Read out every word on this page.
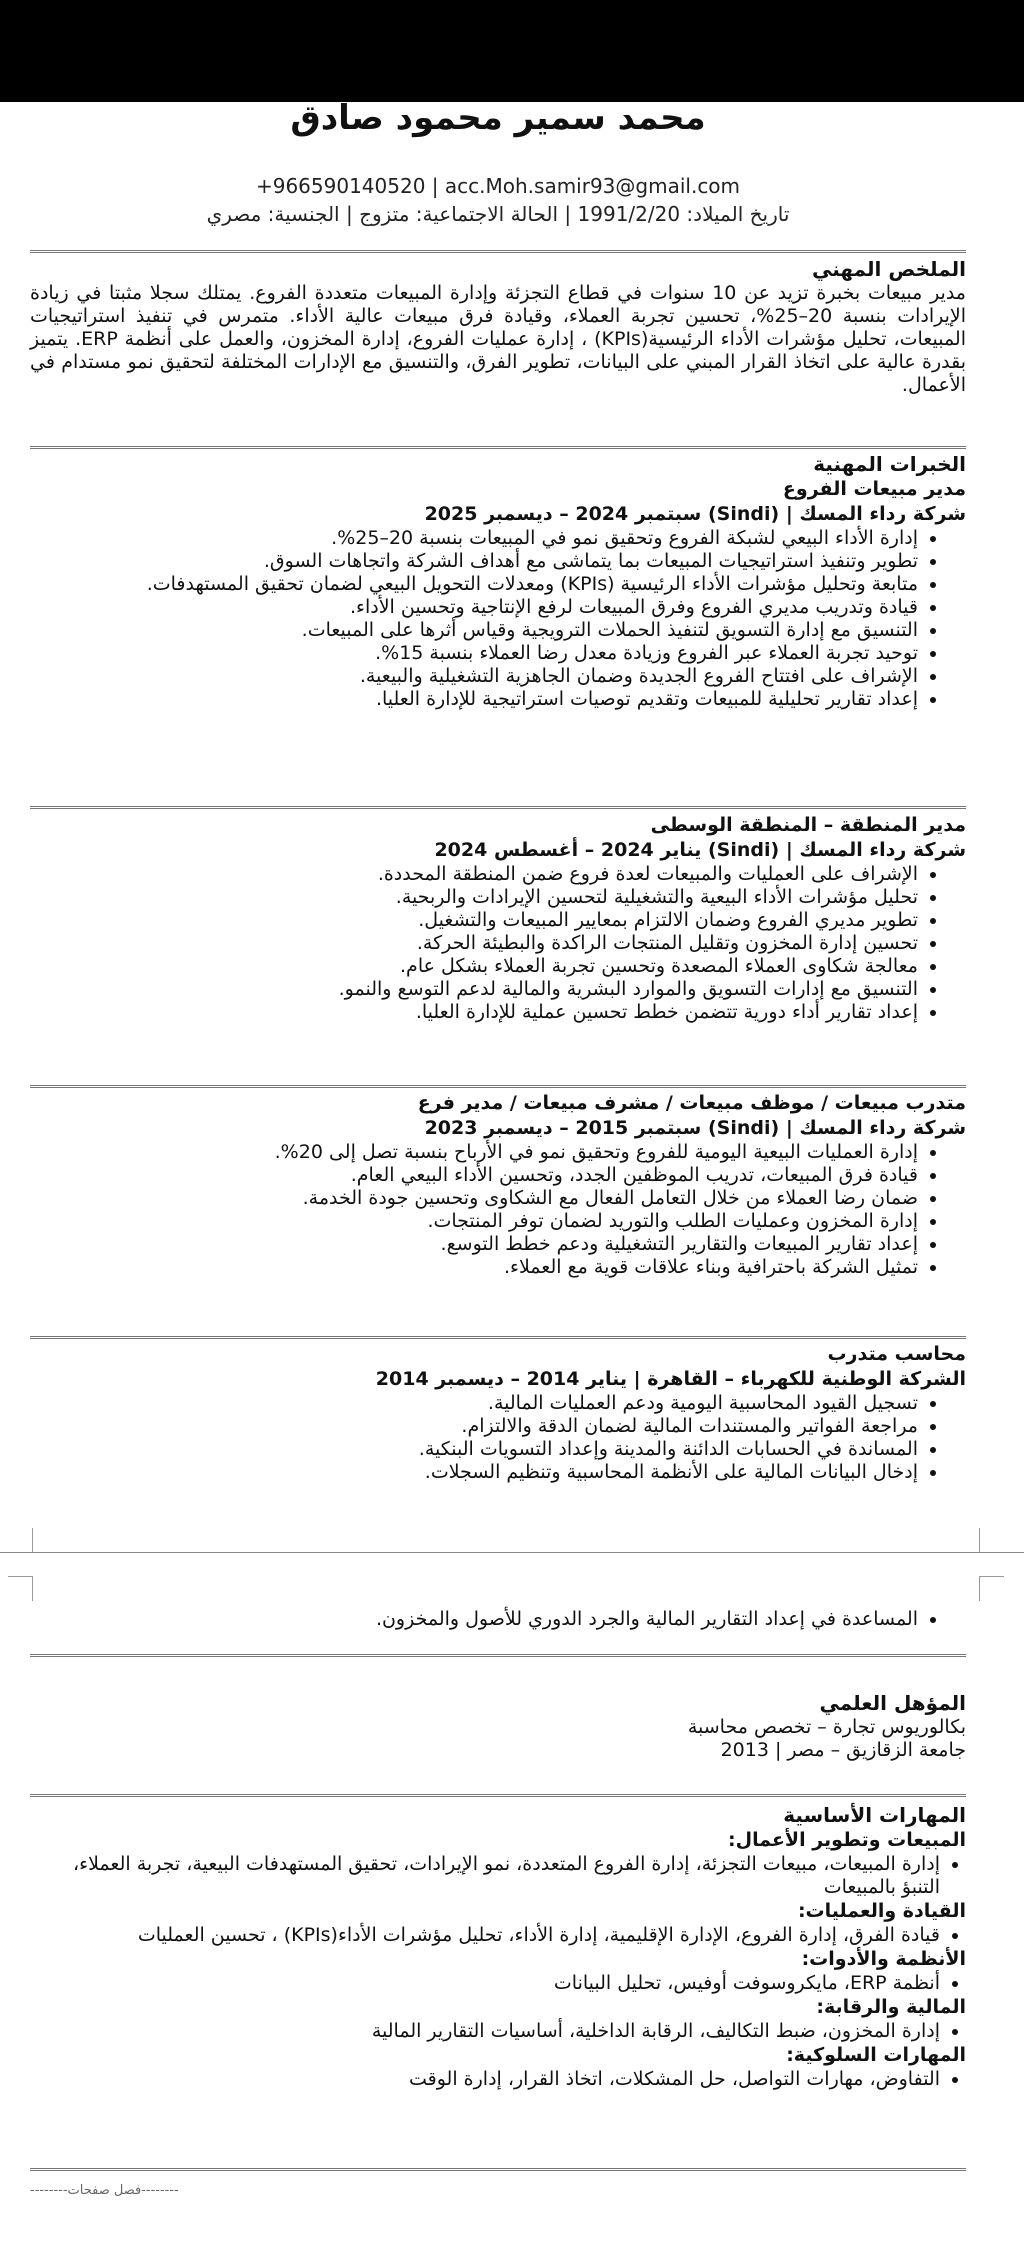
محمد سمير محمود صادق
acc.Moh.samir93@gmail.com | +966590140520
تاريخ الميلاد: 1991/2/20 | الحالة الاجتماعية: متزوج | الجنسية: مصري
الملخص المهني
مدير مبيعات بخبرة تزيد عن 10 سنوات في قطاع التجزئة وإدارة المبيعات متعددة الفروع. يمتلك سجلا مثبتا في زيادة الإيرادات بنسبة 20–25%، تحسين تجربة العملاء، وقيادة فرق مبيعات عالية الأداء. متمرس في تنفيذ استراتيجيات المبيعات، تحليل مؤشرات الأداء الرئيسية(KPIs) ، إدارة عمليات الفروع، إدارة المخزون، والعمل على أنظمة ERP. يتميز بقدرة عالية على اتخاذ القرار المبني على البيانات، تطوير الفرق، والتنسيق مع الإدارات المختلفة لتحقيق نمو مستدام في الأعمال.
الخبرات المهنية
مدير مبيعات الفروع
شركة رداء المسك | (Sindi) سبتمبر 2024 – ديسمبر 2025
• إدارة الأداء البيعي لشبكة الفروع وتحقيق نمو في المبيعات بنسبة 20–25%.
• تطوير وتنفيذ استراتيجيات المبيعات بما يتماشى مع أهداف الشركة واتجاهات السوق.
• متابعة وتحليل مؤشرات الأداء الرئيسية (KPIs) ومعدلات التحويل البيعي لضمان تحقيق المستهدفات.
• قيادة وتدريب مديري الفروع وفرق المبيعات لرفع الإنتاجية وتحسين الأداء.
• التنسيق مع إدارة التسويق لتنفيذ الحملات الترويجية وقياس أثرها على المبيعات.
• توحيد تجربة العملاء عبر الفروع وزيادة معدل رضا العملاء بنسبة 15%.
• الإشراف على افتتاح الفروع الجديدة وضمان الجاهزية التشغيلية والبيعية.
• إعداد تقارير تحليلية للمبيعات وتقديم توصيات استراتيجية للإدارة العليا.
مدير المنطقة – المنطقة الوسطى
شركة رداء المسك | (Sindi) يناير 2024 – أغسطس 2024
• الإشراف على العمليات والمبيعات لعدة فروع ضمن المنطقة المحددة.
• تحليل مؤشرات الأداء البيعية والتشغيلية لتحسين الإيرادات والربحية.
• تطوير مديري الفروع وضمان الالتزام بمعايير المبيعات والتشغيل.
• تحسين إدارة المخزون وتقليل المنتجات الراكدة والبطيئة الحركة.
• معالجة شكاوى العملاء المصعدة وتحسين تجربة العملاء بشكل عام.
• التنسيق مع إدارات التسويق والموارد البشرية والمالية لدعم التوسع والنمو.
• إعداد تقارير أداء دورية تتضمن خطط تحسين عملية للإدارة العليا.
متدرب مبيعات / موظف مبيعات / مشرف مبيعات / مدير فرع
شركة رداء المسك | (Sindi) سبتمبر 2015 – ديسمبر 2023
• إدارة العمليات البيعية اليومية للفروع وتحقيق نمو في الأرباح بنسبة تصل إلى 20%.
• قيادة فرق المبيعات، تدريب الموظفين الجدد، وتحسين الأداء البيعي العام.
• ضمان رضا العملاء من خلال التعامل الفعال مع الشكاوى وتحسين جودة الخدمة.
• إدارة المخزون وعمليات الطلب والتوريد لضمان توفر المنتجات.
• إعداد تقارير المبيعات والتقارير التشغيلية ودعم خطط التوسع.
• تمثيل الشركة باحترافية وبناء علاقات قوية مع العملاء.
محاسب متدرب
الشركة الوطنية للكهرباء – القاهرة | يناير 2014 – ديسمبر 2014
• تسجيل القيود المحاسبية اليومية ودعم العمليات المالية.
• مراجعة الفواتير والمستندات المالية لضمان الدقة والالتزام.
• المساندة في الحسابات الدائنة والمدينة وإعداد التسويات البنكية.
• إدخال البيانات المالية على الأنظمة المحاسبية وتنظيم السجلات.
• المساعدة في إعداد التقارير المالية والجرد الدوري للأصول والمخزون.
المؤهل العلمي
بكالوريوس تجارة – تخصص محاسبة
جامعة الزقازيق – مصر | 2013
المهارات الأساسية
المبيعات وتطوير الأعمال:
• إدارة المبيعات، مبيعات التجزئة، إدارة الفروع المتعددة، نمو الإيرادات، تحقيق المستهدفات البيعية، تجربة العملاء، التنبؤ بالمبيعات
القيادة والعمليات:
• قيادة الفرق، إدارة الفروع، الإدارة الإقليمية، إدارة الأداء، تحليل مؤشرات الأداء(KPIs) ، تحسين العمليات
الأنظمة والأدوات:
• أنظمة ERP، مايكروسوفت أوفيس، تحليل البيانات
المالية والرقابة:
• إدارة المخزون، ضبط التكاليف، الرقابة الداخلية، أساسيات التقارير المالية
المهارات السلوكية:
• التفاوض، مهارات التواصل، حل المشكلات، اتخاذ القرار، إدارة الوقت
--------فصل صفحات--------
